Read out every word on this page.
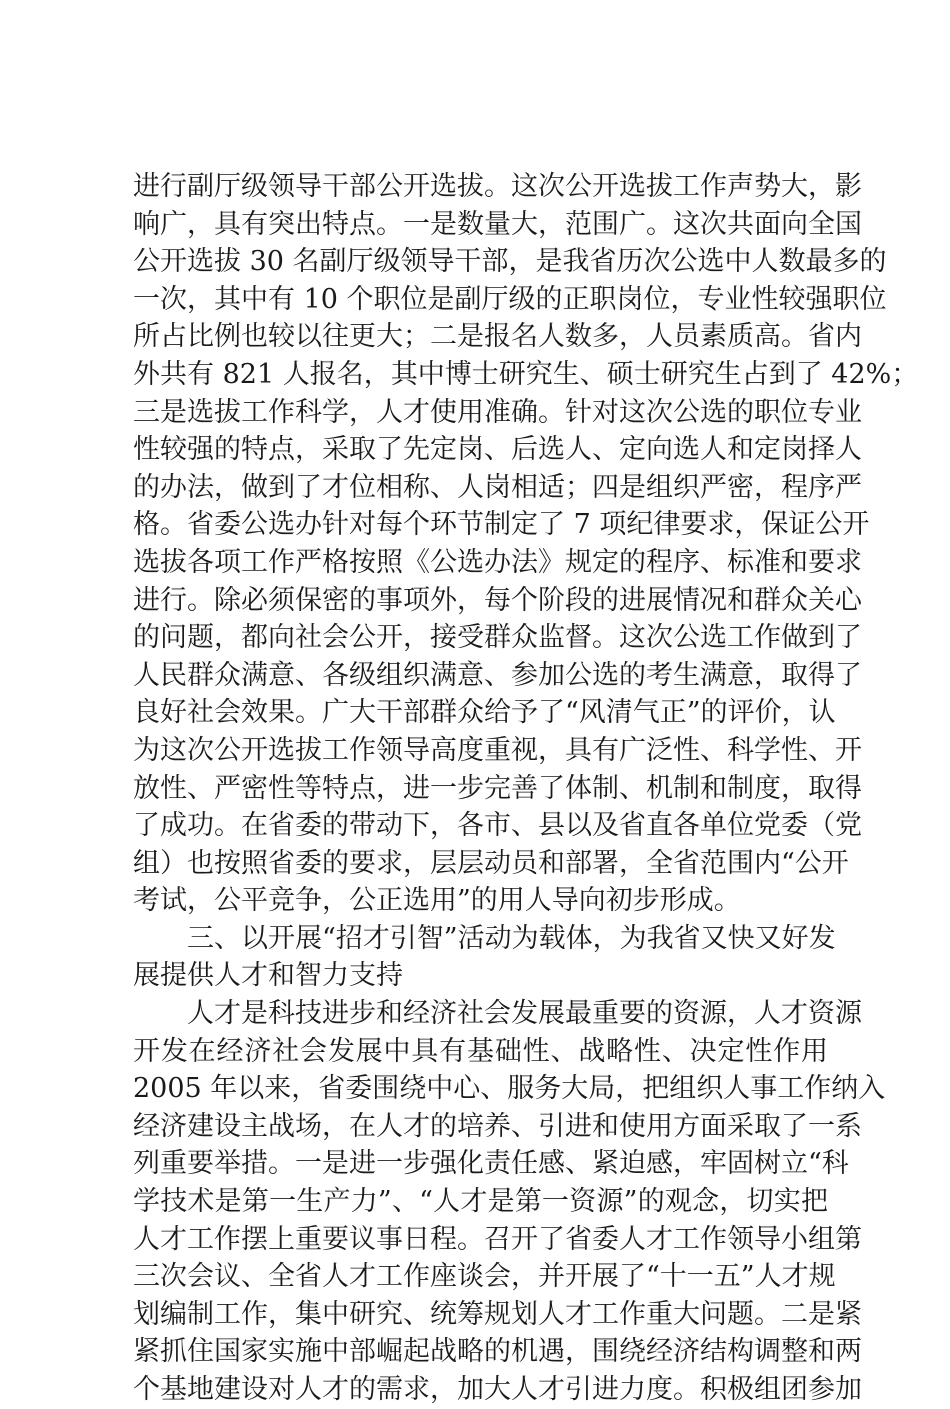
进行副厅级领导干部公开选拔。这次公开选拔工作声势大，影
响广，具有突出特点。一是数量大，范围广。这次共面向全国
公开选拔 30 名副厅级领导干部，是我省历次公选中人数最多的
一次，其中有 10 个职位是副厅级的正职岗位，专业性较强职位
所占比例也较以往更大；二是报名人数多，人员素质高。省内
外共有 821 人报名，其中博士研究生、硕士研究生占到了 42%；
三是选拔工作科学，人才使用准确。针对这次公选的职位专业
性较强的特点，采取了先定岗、后选人、定向选人和定岗择人
的办法，做到了才位相称、人岗相适；四是组织严密，程序严
格。省委公选办针对每个环节制定了 7 项纪律要求，保证公开
选拔各项工作严格按照《公选办法》规定的程序、标准和要求
进行。除必须保密的事项外，每个阶段的进展情况和群众关心
的问题，都向社会公开，接受群众监督。这次公选工作做到了
人民群众满意、各级组织满意、参加公选的考生满意，取得了
良好社会效果。广大干部群众给予了“风清气正”的评价，认
为这次公开选拔工作领导高度重视，具有广泛性、科学性、开
放性、严密性等特点，进一步完善了体制、机制和制度，取得
了成功。在省委的带动下，各市、县以及省直各单位党委（党
组）也按照省委的要求，层层动员和部署，全省范围内“公开
考试，公平竞争，公正选用”的用人导向初步形成。
　　三、以开展“招才引智”活动为载体，为我省又快又好发
展提供人才和智力支持
　　人才是科技进步和经济社会发展最重要的资源，人才资源
开发在经济社会发展中具有基础性、战略性、决定性作用
2005 年以来，省委围绕中心、服务大局，把组织人事工作纳入
经济建设主战场，在人才的培养、引进和使用方面采取了一系
列重要举措。一是进一步强化责任感、紧迫感，牢固树立“科
学技术是第一生产力”、“人才是第一资源”的观念，切实把
人才工作摆上重要议事日程。召开了省委人才工作领导小组第
三次会议、全省人才工作座谈会，并开展了“十一五”人才规
划编制工作，集中研究、统筹规划人才工作重大问题。二是紧
紧抓住国家实施中部崛起战略的机遇，围绕经济结构调整和两
个基地建设对人才的需求，加大人才引进力度。积极组团参加
